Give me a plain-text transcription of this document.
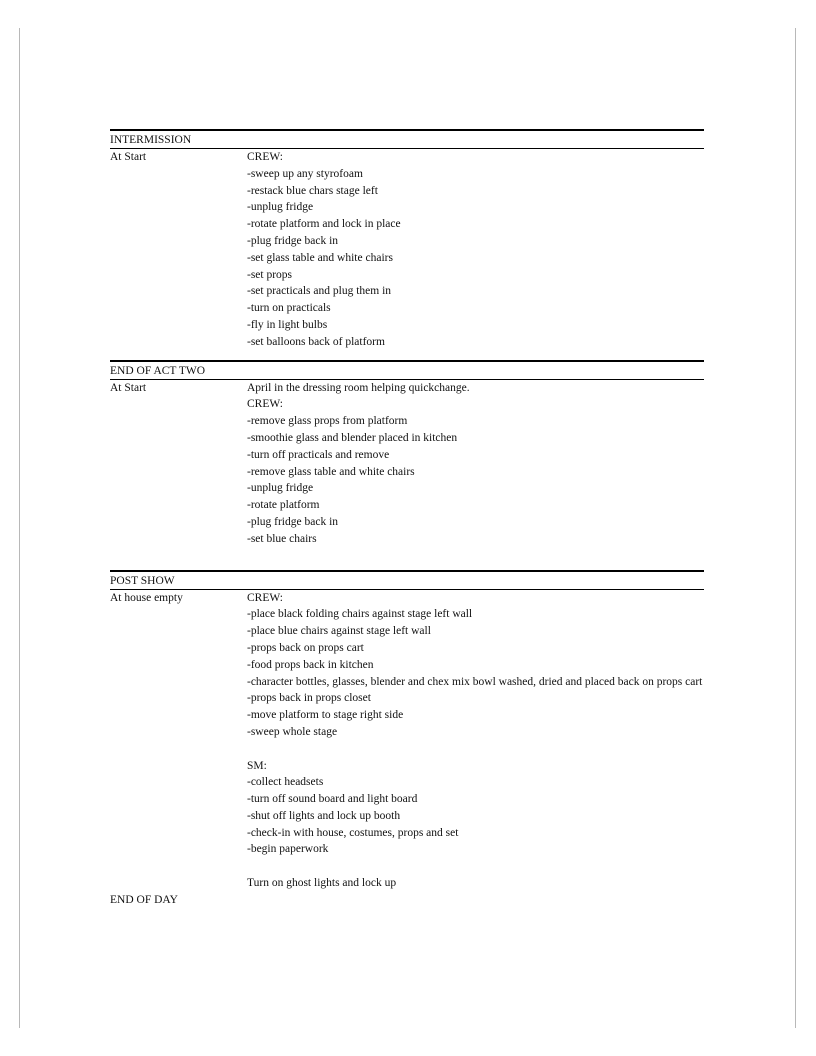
INTERMISSION
At Start	CREW:

-sweep up any styrofoam

-restack blue chars stage left

-unplug fridge

-rotate platform and lock in place

-plug fridge back in

-set glass table and white chairs

-set props

-set practicals and plug them in

-turn on practicals

-fly in light bulbs

-set balloons back of platform

END OF ACT TWO
At Start	April in the dressing room helping quickchange.

CREW:

-remove glass props from platform

-smoothie glass and blender placed in kitchen

-turn off practicals and remove

-remove glass table and white chairs

-unplug fridge

-rotate platform

-plug fridge back in

-set blue chairs

POST SHOW
At house empty	CREW:

-place black folding chairs against stage left wall

-place blue chairs against stage left wall

-props back on props cart

-food props back in kitchen

-character bottles, glasses, blender and chex mix bowl washed, dried and placed back on props cart

-props back in props closet

-move platform to stage right side

-sweep whole stage

SM:

-collect headsets

-turn off sound board and light board

-shut off lights and lock up booth

-check-in with house, costumes, props and set

-begin paperwork

Turn on ghost lights and lock up

END OF DAY
